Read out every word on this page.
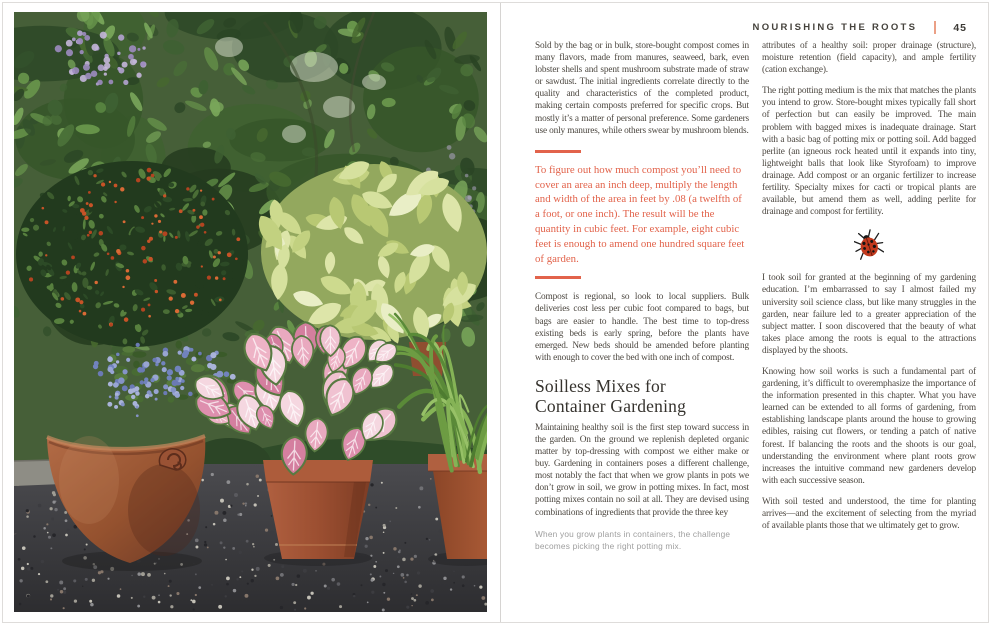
NOURISHING THE ROOTS	45

Sold by the bag or in bulk, store-bought compost comes in many flavors, made from manures, seaweed, bark, even lobster shells and spent mushroom substrate made of straw or sawdust. The initial ingredients correlate directly to the quality and characteristics of the completed product, making certain composts preferred for specific crops. But mostly it’s a matter of personal preference. Some gardeners use only manures, while others swear by mushroom blends.

To figure out how much compost you’ll need to cover an area an inch deep, multiply the length and width of the area in feet by .08 (a twelfth of a foot, or one inch). The result will be the quantity in cubic feet. For example, eight cubic feet is enough to amend one hundred square feet of garden.

Compost is regional, so look to local suppliers. Bulk deliveries cost less per cubic foot compared to bags, but bags are easier to handle. The best time to top-dress existing beds is early spring, before the plants have emerged. New beds should be amended before planting with enough to cover the bed with one inch of compost.

Soilless Mixes for Container Gardening

Maintaining healthy soil is the first step toward success in the garden. On the ground we replenish depleted organic matter by top-dressing with compost we either make or buy. Gardening in containers poses a different challenge, most notably the fact that when we grow plants in pots we don’t grow in soil, we grow in potting mixes. In fact, most potting mixes contain no soil at all. They are devised using combinations of ingredients that provide the three key

When you grow plants in containers, the challenge becomes picking the right potting mix.

attributes of a healthy soil: proper drainage (structure), moisture retention (field capacity), and ample fertility (cation exchange).

The right potting medium is the mix that matches the plants you intend to grow. Store-bought mixes typically fall short of perfection but can easily be improved. The main problem with bagged mixes is inadequate drainage. Start with a basic bag of potting mix or potting soil. Add bagged perlite (an igneous rock heated until it expands into tiny, lightweight balls that look like Styrofoam) to improve drainage. Add compost or an organic fertilizer to increase fertility. Specialty mixes for cacti or tropical plants are available, but amend them as well, adding perlite for drainage and compost for fertility.

I took soil for granted at the beginning of my gardening education. I’m embarrassed to say I almost failed my university soil science class, but like many struggles in the garden, near failure led to a greater appreciation of the subject matter. I soon discovered that the beauty of what takes place among the roots is equal to the attractions displayed by the shoots.

Knowing how soil works is such a fundamental part of gardening, it’s difficult to overemphasize the importance of the information presented in this chapter. What you have learned can be extended to all forms of gardening, from establishing landscape plants around the house to growing edibles, raising cut flowers, or tending a patch of native forest. If balancing the roots and the shoots is our goal, understanding the environment where plant roots grow increases the intuitive command new gardeners develop with each successive season.

With soil tested and understood, the time for planting arrives—and the excitement of selecting from the myriad of available plants those that we ultimately get to grow.
